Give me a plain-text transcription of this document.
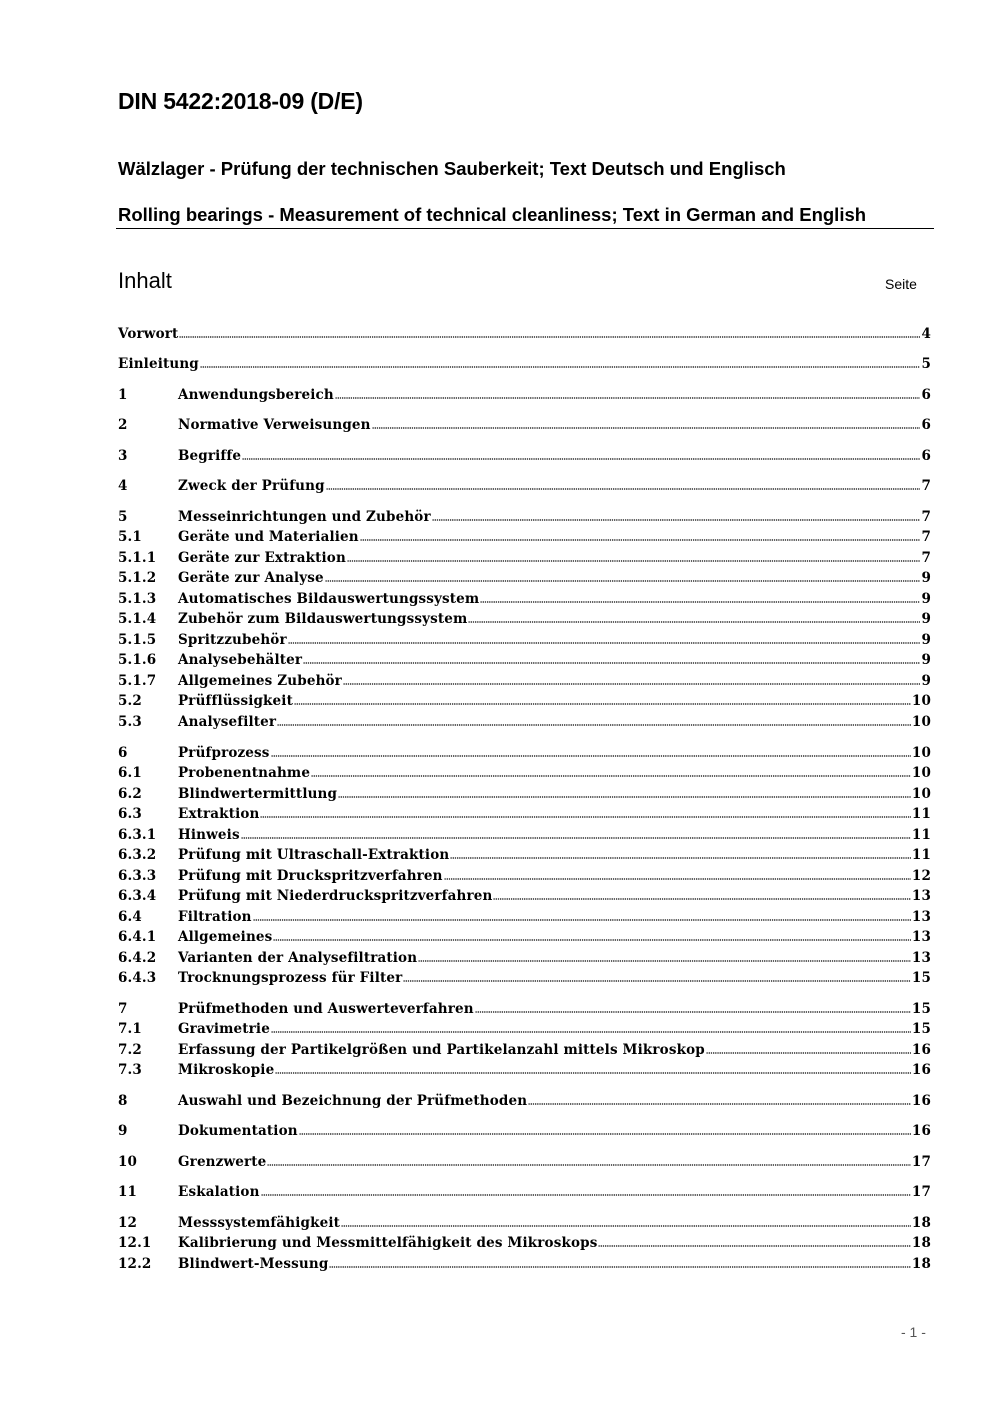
DIN 5422:2018-09 (D/E)
Wälzlager - Prüfung der technischen Sauberkeit; Text Deutsch und Englisch
Rolling bearings - Measurement of technical cleanliness; Text in German and English
Inhalt	Seite
Vorwort	4
Einleitung	5
1	Anwendungsbereich	6
2	Normative Verweisungen	6
3	Begriffe	6
4	Zweck der Prüfung	7
5	Messeinrichtungen und Zubehör	7
5.1	Geräte und Materialien	7
5.1.1	Geräte zur Extraktion	7
5.1.2	Geräte zur Analyse	9
5.1.3	Automatisches Bildauswertungssystem	9
5.1.4	Zubehör zum Bildauswertungssystem	9
5.1.5	Spritzzubehör	9
5.1.6	Analysebehälter	9
5.1.7	Allgemeines Zubehör	9
5.2	Prüfflüssigkeit	10
5.3	Analysefilter	10
6	Prüfprozess	10
6.1	Probenentnahme	10
6.2	Blindwertermittlung	10
6.3	Extraktion	11
6.3.1	Hinweis	11
6.3.2	Prüfung mit Ultraschall-Extraktion	11
6.3.3	Prüfung mit Druckspritzverfahren	12
6.3.4	Prüfung mit Niederdruckspritzverfahren	13
6.4	Filtration	13
6.4.1	Allgemeines	13
6.4.2	Varianten der Analysefiltration	13
6.4.3	Trocknungsprozess für Filter	15
7	Prüfmethoden und Auswerteverfahren	15
7.1	Gravimetrie	15
7.2	Erfassung der Partikelgrößen und Partikelanzahl mittels Mikroskop	16
7.3	Mikroskopie	16
8	Auswahl und Bezeichnung der Prüfmethoden	16
9	Dokumentation	16
10	Grenzwerte	17
11	Eskalation	17
12	Messsystemfähigkeit	18
12.1	Kalibrierung und Messmittelfähigkeit des Mikroskops	18
12.2	Blindwert-Messung	18
- 1 -
